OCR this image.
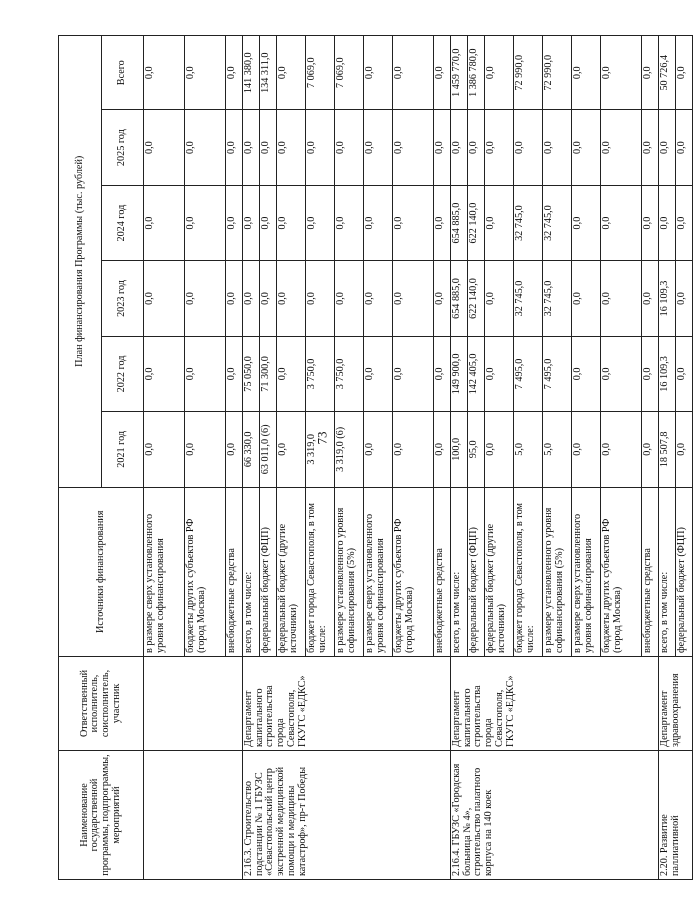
73
Наименование государственной программы, подпрограммы, мероприятий	Ответственный исполнитель, соисполнитель, участник	Источники финансирования	План финансирования Программы (тыс. рублей)					
			2021 год	2022 год	2023 год	2024 год	2025 год	Всего
		в размере сверх установленного уровня софинансирования	0,0	0,0	0,0	0,0	0,0	0,0
		бюджеты других субъектов РФ (город Москва)	0,0	0,0	0,0	0,0	0,0	0,0
		внебюджетные средства	0,0	0,0	0,0	0,0	0,0	0,0
2.16.3. Строительство подстанции № 1 ГБУЗС «Севастопольский центр экстренной медицинской помощи и медицины катастроф», пр-т Победы	Департамент капитального строительства города Севастополя, ГКУГС «ЕДКС»	всего, в том числе:	66 330,0	75 050,0	0,0	0,0	0,0	141 380,0
		федеральный бюджет (ФЦП)	63 011,0 (6)	71 300,0	0,0	0,0	0,0	134 311,0
		федеральный бюджет (другие источники)	0,0	0,0	0,0	0,0	0,0	0,0
		бюджет города Севастополя, в том числе:	3 319,0	3 750,0	0,0	0,0	0,0	7 069,0
		в размере установленного уровня софинансирования (5%)	3 319,0 (6)	3 750,0	0,0	0,0	0,0	7 069,0
		в размере сверх установленного уровня софинансирования	0,0	0,0	0,0	0,0	0,0	0,0
		бюджеты других субъектов РФ (город Москва)	0,0	0,0	0,0	0,0	0,0	0,0
		внебюджетные средства	0,0	0,0	0,0	0,0	0,0	0,0
2.16.4. ГБУЗС «Городская больница № 4», строительство палатного корпуса на 140 коек	Департамент капитального строительства города Севастополя, ГКУГС «ЕДКС»	всего, в том числе:	100,0	149 900,0	654 885,0	654 885,0	0,0	1 459 770,0
		федеральный бюджет (ФЦП)	95,0	142 405,0	622 140,0	622 140,0	0,0	1 386 780,0
		федеральный бюджет (другие источники)	0,0	0,0	0,0	0,0	0,0	0,0
		бюджет города Севастополя, в том числе:	5,0	7 495,0	32 745,0	32 745,0	0,0	72 990,0
		в размере установленного уровня софинансирования (5%)	5,0	7 495,0	32 745,0	32 745,0	0,0	72 990,0
		в размере сверх установленного уровня софинансирования	0,0	0,0	0,0	0,0	0,0	0,0
		бюджеты других субъектов РФ (город Москва)	0,0	0,0	0,0	0,0	0,0	0,0
		внебюджетные средства	0,0	0,0	0,0	0,0	0,0	0,0
2.20. Развитие паллиативной	Департамент здравоохранения	всего, в том числе:	18 507,8	16 109,3	16 109,3	0,0	0,0	50 726,4
		федеральный бюджет (ФЦП)	0,0	0,0	0,0	0,0	0,0	0,0
